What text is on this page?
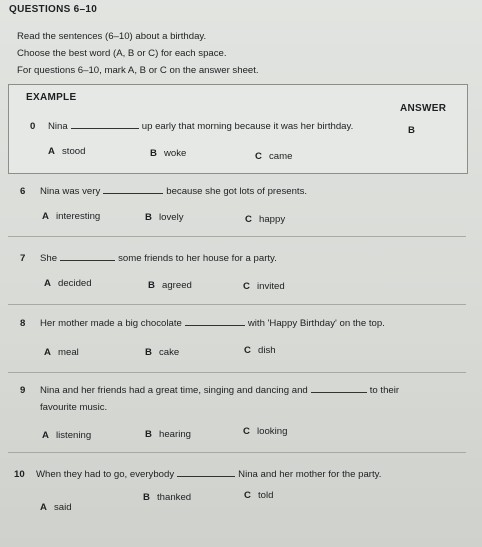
QUESTIONS 6–10
Read the sentences (6–10) about a birthday.
Choose the best word (A, B or C) for each space.
For questions 6–10, mark A, B or C on the answer sheet.
EXAMPLE
ANSWER
0 Nina	up early that morning because it was her birthday.	B
A stood	B woke	C came
6 Nina was very	because she got lots of presents.
A interesting	B lovely	C happy
7 She	some friends to her house for a party.
A decided	B agreed	C invited
8 Her mother made a big chocolate	with 'Happy Birthday' on the top.
A meal	B cake	C dish
9 Nina and her friends had a great time, singing and dancing and	to their
favourite music.
A listening	B hearing	C looking
10 When they had to go, everybody	Nina and her mother for the party.
A said
B thanked	C told
